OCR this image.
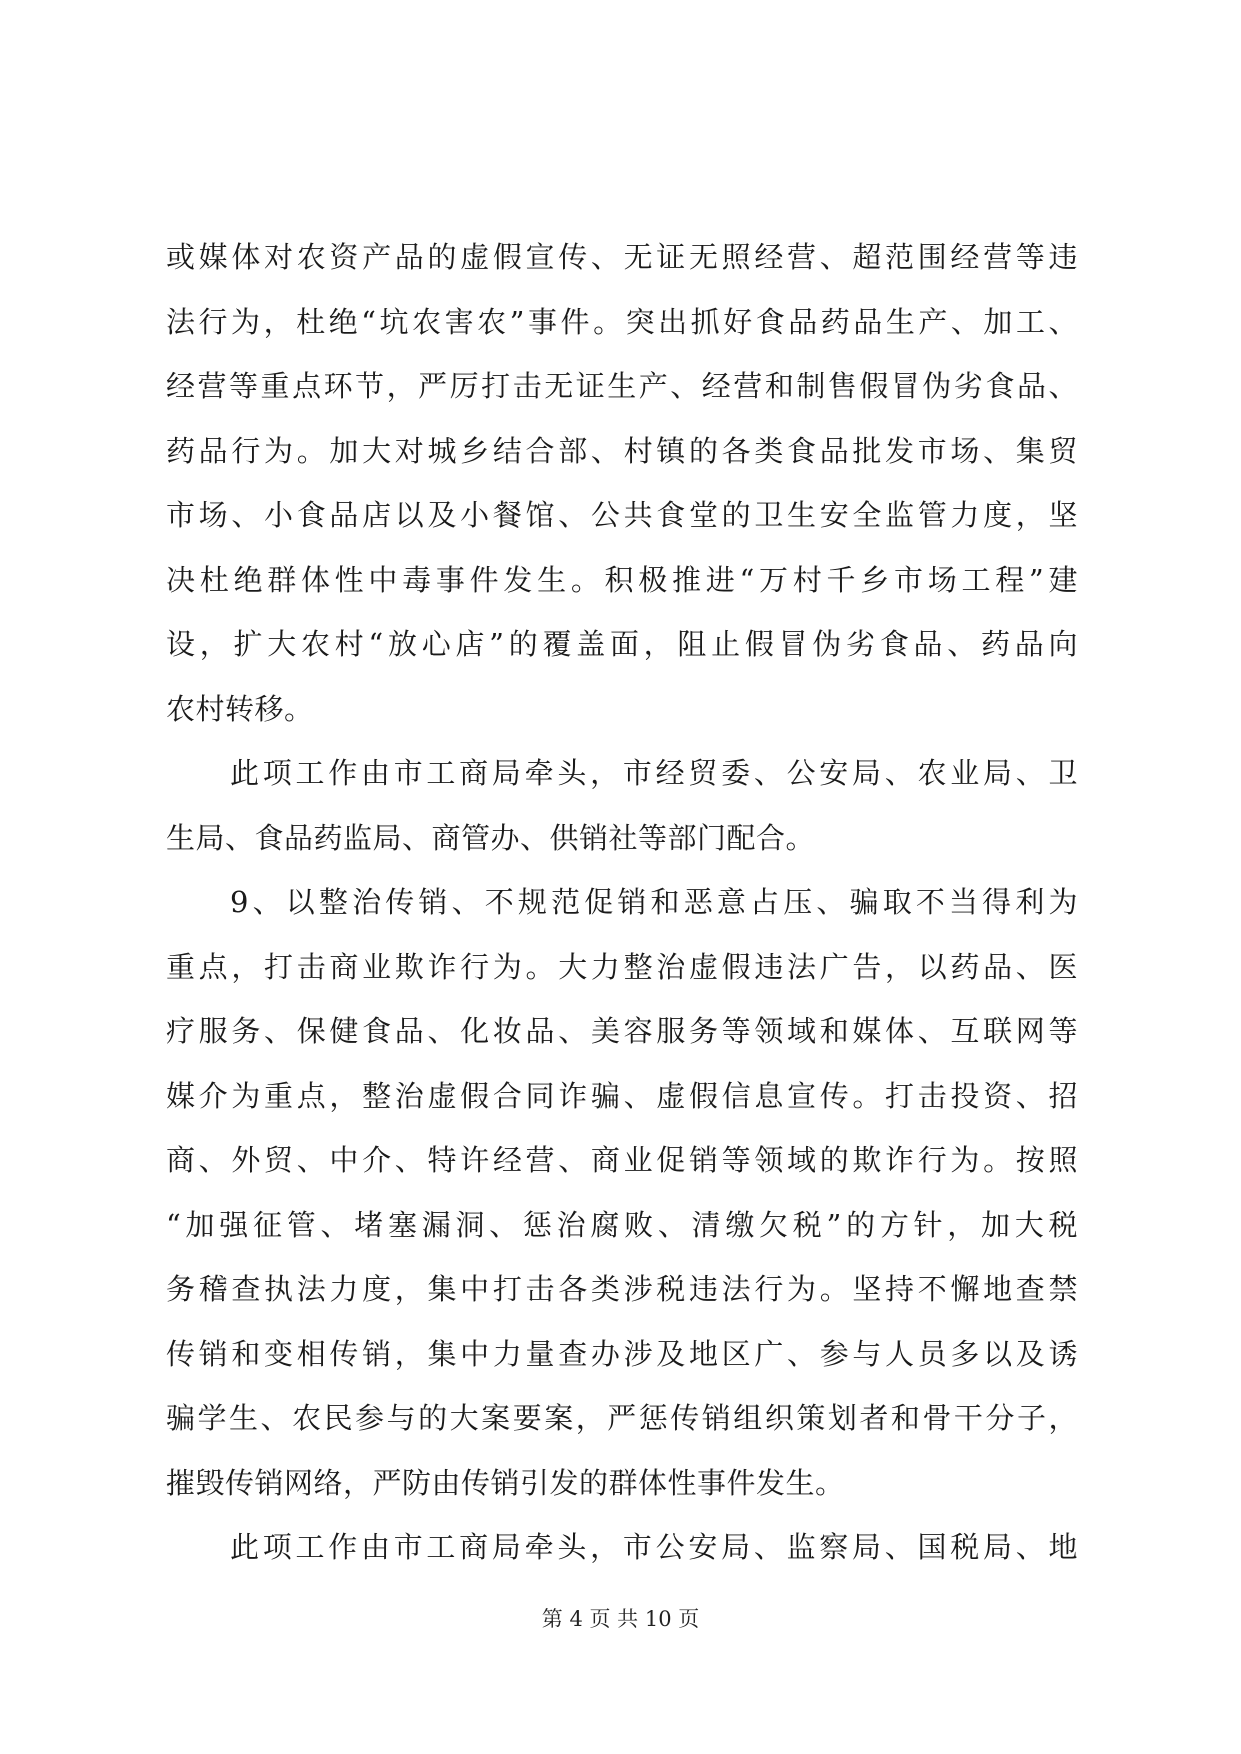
或媒体对农资产品的虚假宣传、无证无照经营、超范围经营等违
法行为，杜绝“坑农害农”事件。突出抓好食品药品生产、加工、
经营等重点环节，严厉打击无证生产、经营和制售假冒伪劣食品、
药品行为。加大对城乡结合部、村镇的各类食品批发市场、集贸
市场、小食品店以及小餐馆、公共食堂的卫生安全监管力度，坚
决杜绝群体性中毒事件发生。积极推进“万村千乡市场工程”建
设，扩大农村“放心店”的覆盖面，阻止假冒伪劣食品、药品向
农村转移。
此项工作由市工商局牵头，市经贸委、公安局、农业局、卫
生局、食品药监局、商管办、供销社等部门配合。
9、以整治传销、不规范促销和恶意占压、骗取不当得利为
重点，打击商业欺诈行为。大力整治虚假违法广告，以药品、医
疗服务、保健食品、化妆品、美容服务等领域和媒体、互联网等
媒介为重点，整治虚假合同诈骗、虚假信息宣传。打击投资、招
商、外贸、中介、特许经营、商业促销等领域的欺诈行为。按照
“加强征管、堵塞漏洞、惩治腐败、清缴欠税”的方针，加大税
务稽查执法力度，集中打击各类涉税违法行为。坚持不懈地查禁
传销和变相传销，集中力量查办涉及地区广、参与人员多以及诱
骗学生、农民参与的大案要案，严惩传销组织策划者和骨干分子，
摧毁传销网络，严防由传销引发的群体性事件发生。
此项工作由市工商局牵头，市公安局、监察局、国税局、地
第 4 页 共 10 页
